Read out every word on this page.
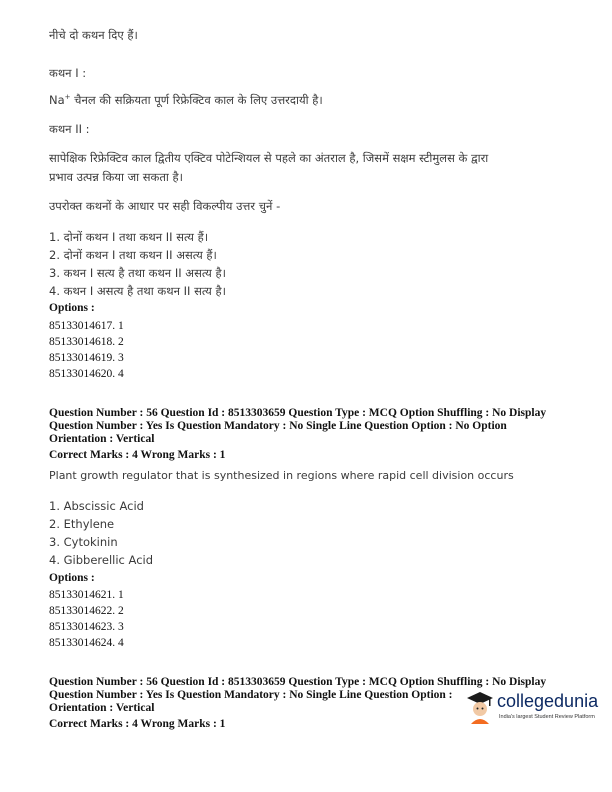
नीचे दो कथन दिए हैं।
कथन I :
Na+ चैनल की सक्रियता पूर्ण रिफ्रेक्टिव काल के लिए उत्तरदायी है।
कथन II :
सापेक्षिक रिफ्रेक्टिव काल द्वितीय एक्टिव पोटेन्शियल से पहले का अंतराल है, जिसमें सक्षम स्टीमुलस के द्वारा
प्रभाव उत्पन्न किया जा सकता है।
उपरोक्त कथनों के आधार पर सही विकल्पीय उत्तर चुनें -
1. दोनों कथन I तथा कथन II सत्य हैं।
2. दोनों कथन I तथा कथन II असत्य हैं।
3. कथन I सत्य है तथा कथन II असत्य है।
4. कथन I असत्य है तथा कथन II सत्य है।
Options :
85133014617. 1
85133014618. 2
85133014619. 3
85133014620. 4
Question Number : 56 Question Id : 8513303659 Question Type : MCQ Option Shuffling : No Display
Question Number : Yes Is Question Mandatory : No Single Line Question Option : No Option
Orientation : Vertical
Correct Marks : 4 Wrong Marks : 1
Plant growth regulator that is synthesized in regions where rapid cell division occurs
1. Abscissic Acid
2. Ethylene
3. Cytokinin
4. Gibberellic Acid
Options :
85133014621. 1
85133014622. 2
85133014623. 3
85133014624. 4
Question Number : 56 Question Id : 8513303659 Question Type : MCQ Option Shuffling : No Display
Question Number : Yes Is Question Mandatory : No Single Line Question Option :
Orientation : Vertical
Correct Marks : 4 Wrong Marks : 1
collegedunia
India's largest Student Review Platform
